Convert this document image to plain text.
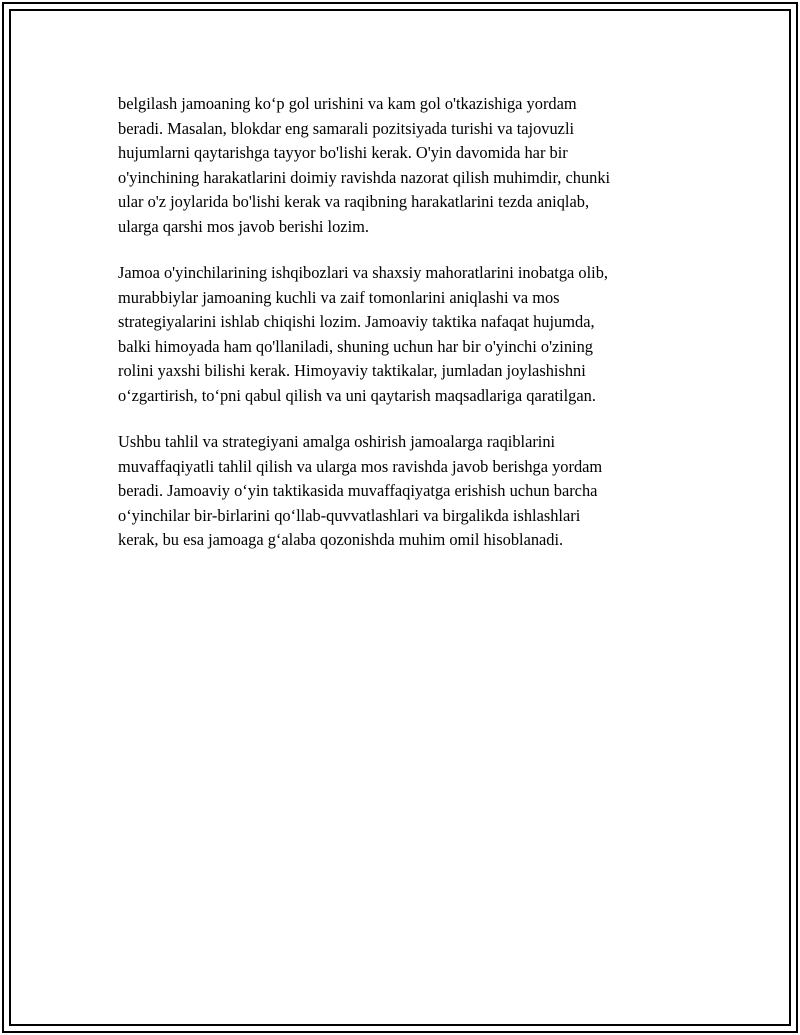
belgilash jamoaning ko‘p gol urishini va kam gol o'tkazishiga yordam
beradi. Masalan, blokdar eng samarali pozitsiyada turishi va tajovuzli
hujumlarni qaytarishga tayyor bo'lishi kerak. O'yin davomida har bir
o'yinchining harakatlarini doimiy ravishda nazorat qilish muhimdir, chunki
ular o'z joylarida bo'lishi kerak va raqibning harakatlarini tezda aniqlab,
ularga qarshi mos javob berishi lozim.
Jamoa o'yinchilarining ishqibozlari va shaxsiy mahoratlarini inobatga olib,
murabbiylar jamoaning kuchli va zaif tomonlarini aniqlashi va mos
strategiyalarini ishlab chiqishi lozim. Jamoaviy taktika nafaqat hujumda,
balki himoyada ham qo'llaniladi, shuning uchun har bir o'yinchi o'zining
rolini yaxshi bilishi kerak. Himoyaviy taktikalar, jumladan joylashishni
o‘zgartirish, to‘pni qabul qilish va uni qaytarish maqsadlariga qaratilgan.
Ushbu tahlil va strategiyani amalga oshirish jamoalarga raqiblarini
muvaffaqiyatli tahlil qilish va ularga mos ravishda javob berishga yordam
beradi. Jamoaviy o‘yin taktikasida muvaffaqiyatga erishish uchun barcha
o‘yinchilar bir-birlarini qo‘llab-quvvatlashlari va birgalikda ishlashlari
kerak, bu esa jamoaga g‘alaba qozonishda muhim omil hisoblanadi.
